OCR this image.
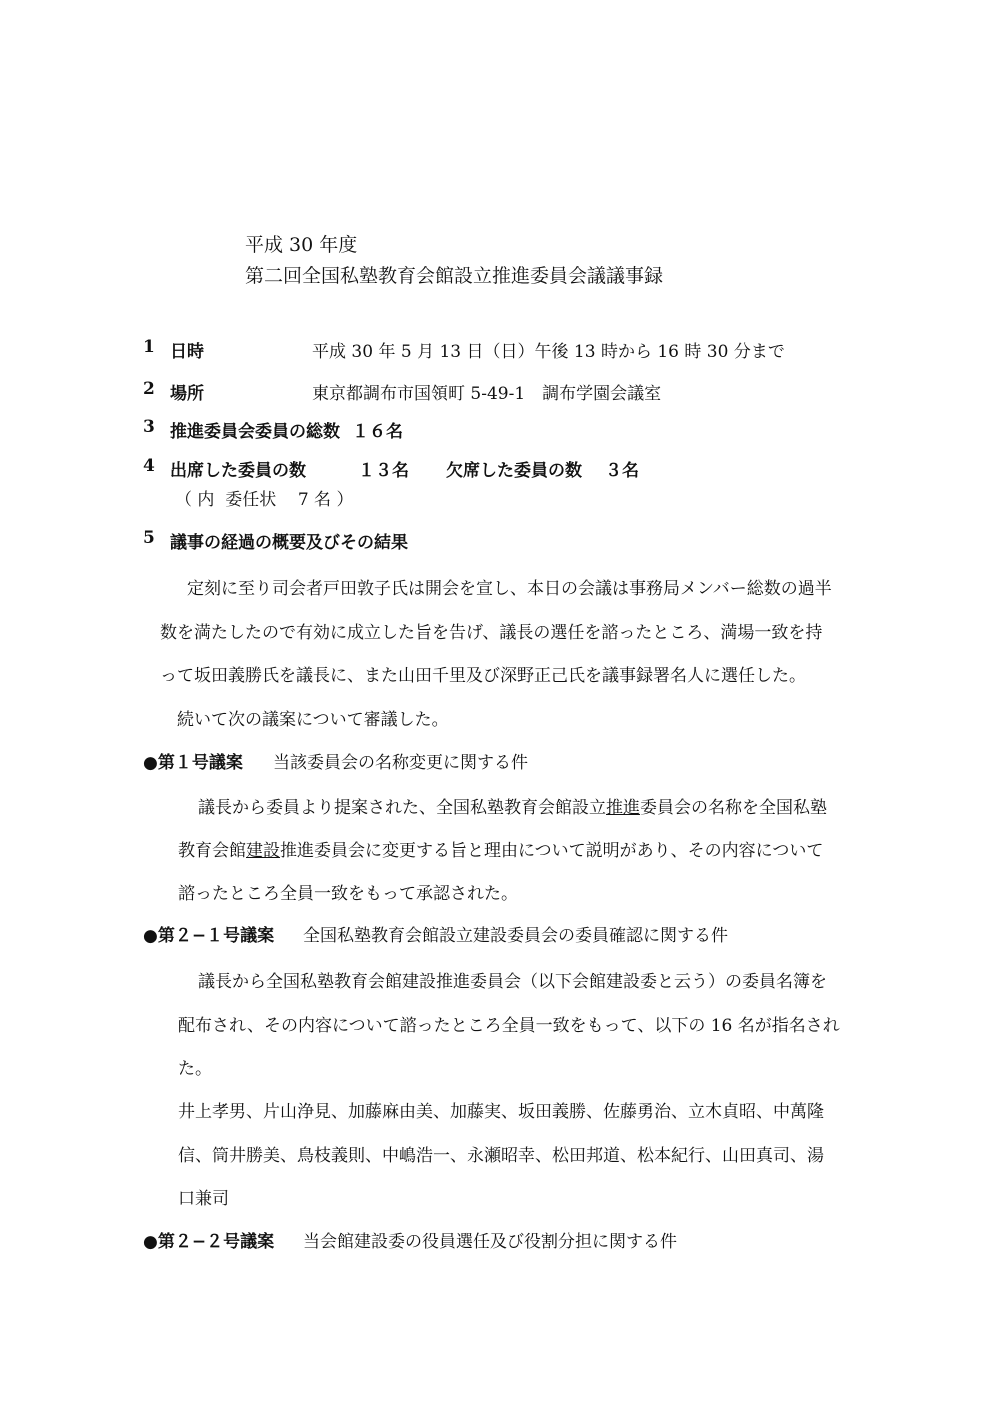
平成 30 年度
第二回全国私塾教育会館設立推進委員会議議事録
1 日時	平成 30 年 5 月 13 日（日）午後 13 時から 16 時 30 分まで
2 場所	東京都調布市国領町 5-49-1　調布学園会議室
3 推進委員会委員の総数 １６名
4 出席した委員の数	１３名 欠席した委員の数 ３名
（ 内  委任状    7 名 ）
5 議事の経過の概要及びその結果
定刻に至り司会者戸田敦子氏は開会を宣し、本日の会議は事務局メンバー総数の過半
数を満たしたので有効に成立した旨を告げ、議長の選任を諮ったところ、満場一致を持
って坂田義勝氏を議長に、また山田千里及び深野正己氏を議事録署名人に選任した。
続いて次の議案について審議した。
●第１号議案 当該委員会の名称変更に関する件
議長から委員より提案された、全国私塾教育会館設立推進委員会の名称を全国私塾
教育会館建設推進委員会に変更する旨と理由について説明があり、その内容について
諮ったところ全員一致をもって承認された。
●第２−１号議案 全国私塾教育会館設立建設委員会の委員確認に関する件
議長から全国私塾教育会館建設推進委員会（以下会館建設委と云う）の委員名簿を
配布され、その内容について諮ったところ全員一致をもって、以下の 16 名が指名され
た。
井上孝男、片山浄見、加藤麻由美、加藤実、坂田義勝、佐藤勇治、立木貞昭、中萬隆
信、筒井勝美、鳥枝義則、中嶋浩一、永瀬昭幸、松田邦道、松本紀行、山田真司、湯
口兼司
●第２−２号議案 当会館建設委の役員選任及び役割分担に関する件
